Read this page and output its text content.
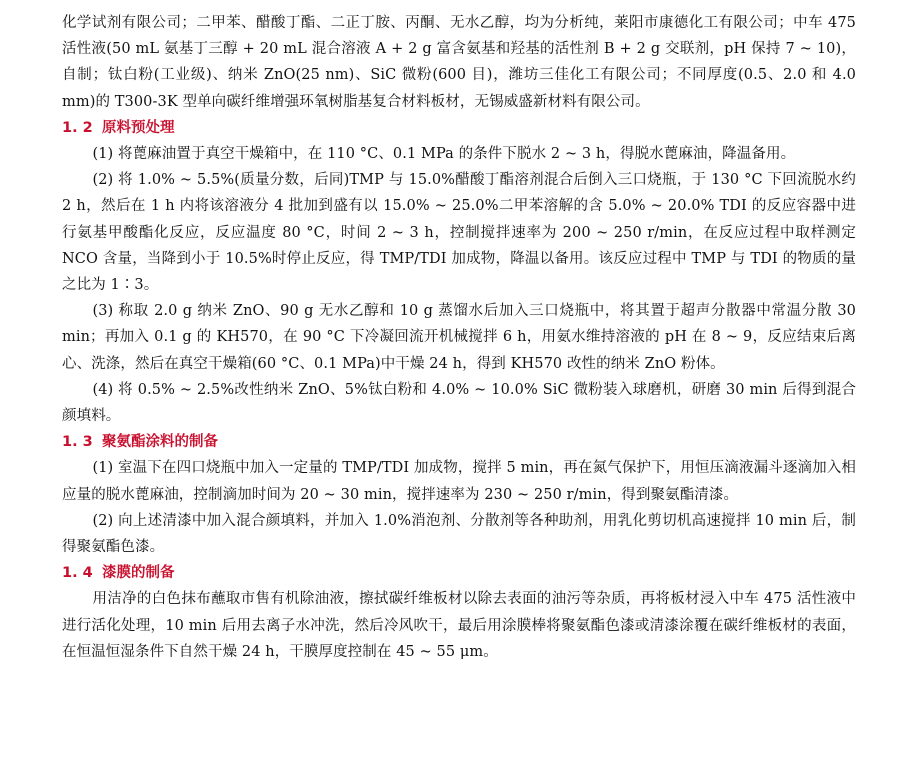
化学试剂有限公司；二甲苯、醋酸丁酯、二正丁胺、丙酮、无水乙醇，均为分析纯，莱阳市康德化工有限公司；中车 475 活性液(50 mL 氨基丁三醇 + 20 mL 混合溶液 A + 2 g 富含氨基和羟基的活性剂 B + 2 g 交联剂，pH 保持 7 ~ 10)，自制；钛白粉(工业级)、纳米 ZnO(25 nm)、SiC 微粉(600 目)，潍坊三佳化工有限公司；不同厚度(0.5、2.0 和 4.0 mm)的 T300-3K 型单向碳纤维增强环氧树脂基复合材料板材，无锡威盛新材料有限公司。

1. 2 原料预处理

(1) 将蓖麻油置于真空干燥箱中，在 110 °C、0.1 MPa 的条件下脱水 2 ~ 3 h，得脱水蓖麻油，降温备用。

(2) 将 1.0% ~ 5.5%(质量分数，后同)TMP 与 15.0%醋酸丁酯溶剂混合后倒入三口烧瓶，于 130 °C 下回流脱水约 2 h，然后在 1 h 内将该溶液分 4 批加到盛有以 15.0% ~ 25.0%二甲苯溶解的含 5.0% ~ 20.0% TDI 的反应容器中进行氨基甲酸酯化反应，反应温度 80 °C，时间 2 ~ 3 h，控制搅拌速率为 200 ~ 250 r/min，在反应过程中取样测定 NCO 含量，当降到小于 10.5%时停止反应，得 TMP/TDI 加成物，降温以备用。该反应过程中 TMP 与 TDI 的物质的量之比为 1∶3。

(3) 称取 2.0 g 纳米 ZnO、90 g 无水乙醇和 10 g 蒸馏水后加入三口烧瓶中，将其置于超声分散器中常温分散 30 min；再加入 0.1 g 的 KH570，在 90 °C 下冷凝回流开机械搅拌 6 h，用氨水维持溶液的 pH 在 8 ~ 9，反应结束后离心、洗涤，然后在真空干燥箱(60 °C、0.1 MPa)中干燥 24 h，得到 KH570 改性的纳米 ZnO 粉体。

(4) 将 0.5% ~ 2.5%改性纳米 ZnO、5%钛白粉和 4.0% ~ 10.0% SiC 微粉装入球磨机，研磨 30 min 后得到混合颜填料。

1. 3 聚氨酯涂料的制备

(1) 室温下在四口烧瓶中加入一定量的 TMP/TDI 加成物，搅拌 5 min，再在氮气保护下，用恒压滴液漏斗逐滴加入相应量的脱水蓖麻油，控制滴加时间为 20 ~ 30 min，搅拌速率为 230 ~ 250 r/min，得到聚氨酯清漆。

(2) 向上述清漆中加入混合颜填料，并加入 1.0%消泡剂、分散剂等各种助剂，用乳化剪切机高速搅拌 10 min 后，制得聚氨酯色漆。

1. 4 漆膜的制备

用洁净的白色抹布蘸取市售有机除油液，擦拭碳纤维板材以除去表面的油污等杂质，再将板材浸入中车 475 活性液中进行活化处理，10 min 后用去离子水冲洗，然后冷风吹干，最后用涂膜棒将聚氨酯色漆或清漆涂覆在碳纤维板材的表面，在恒温恒湿条件下自然干燥 24 h，干膜厚度控制在 45 ~ 55 μm。
